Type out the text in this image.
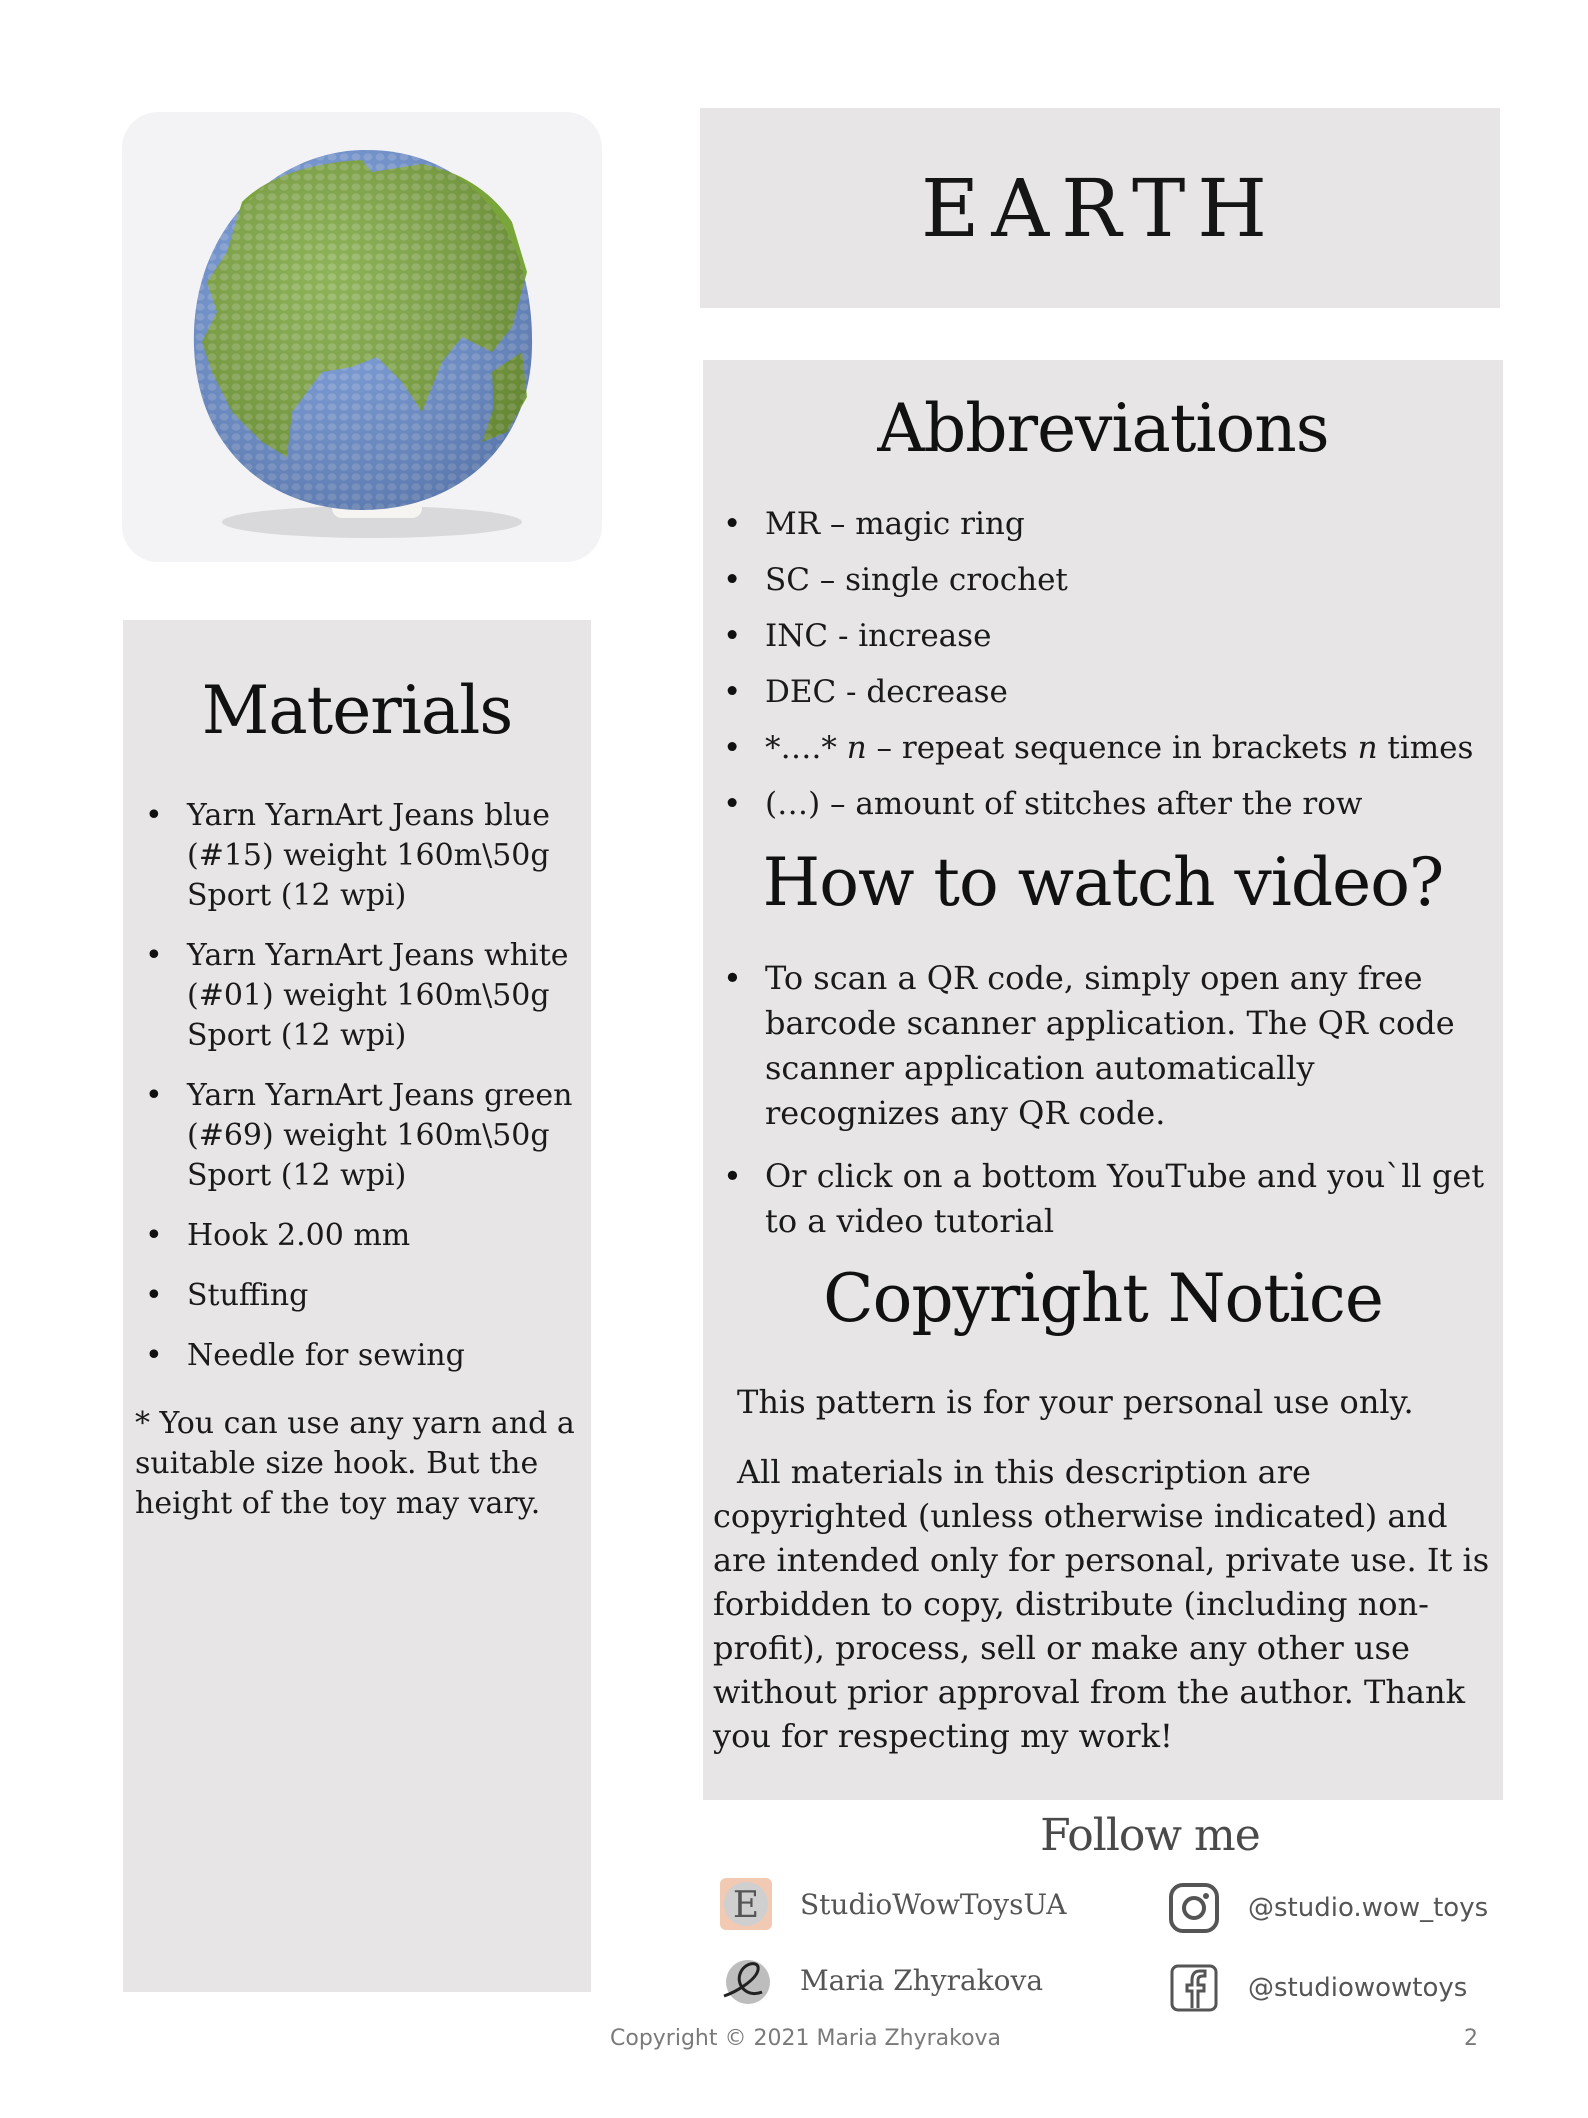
EARTH
Materials
• Yarn YarnArt Jeans blue (#15) weight 160m\50g Sport (12 wpi)
• Yarn YarnArt Jeans white (#01) weight 160m\50g Sport (12 wpi)
• Yarn YarnArt Jeans green (#69) weight 160m\50g Sport (12 wpi)
• Hook 2.00 mm
• Stuffing
• Needle for sewing

* You can use any yarn and a suitable size hook. But the height of the toy may vary.

Abbreviations
• MR – magic ring
• SC – single crochet
• INC - increase
• DEC - decrease
• *….* n – repeat sequence in brackets n times
• (…) – amount of stitches after the row
How to watch video?
• To scan a QR code, simply open any free barcode scanner application. The QR code scanner application automatically recognizes any QR code.
• Or click on a bottom YouTube and you`ll get to a video tutorial
Copyright Notice

This pattern is for your personal use only.

All materials in this description are copyrighted (unless otherwise indicated) and are intended only for personal, private use. It is forbidden to copy, distribute (including non-profit), process, sell or make any other use without prior approval from the author. Thank you for respecting my work!

Follow me

E StudioWowToysUA
Maria Zhyrakova
@studio.wow_toys
@studiowowtoys
Copyright © 2021 Maria Zhyrakova	2
